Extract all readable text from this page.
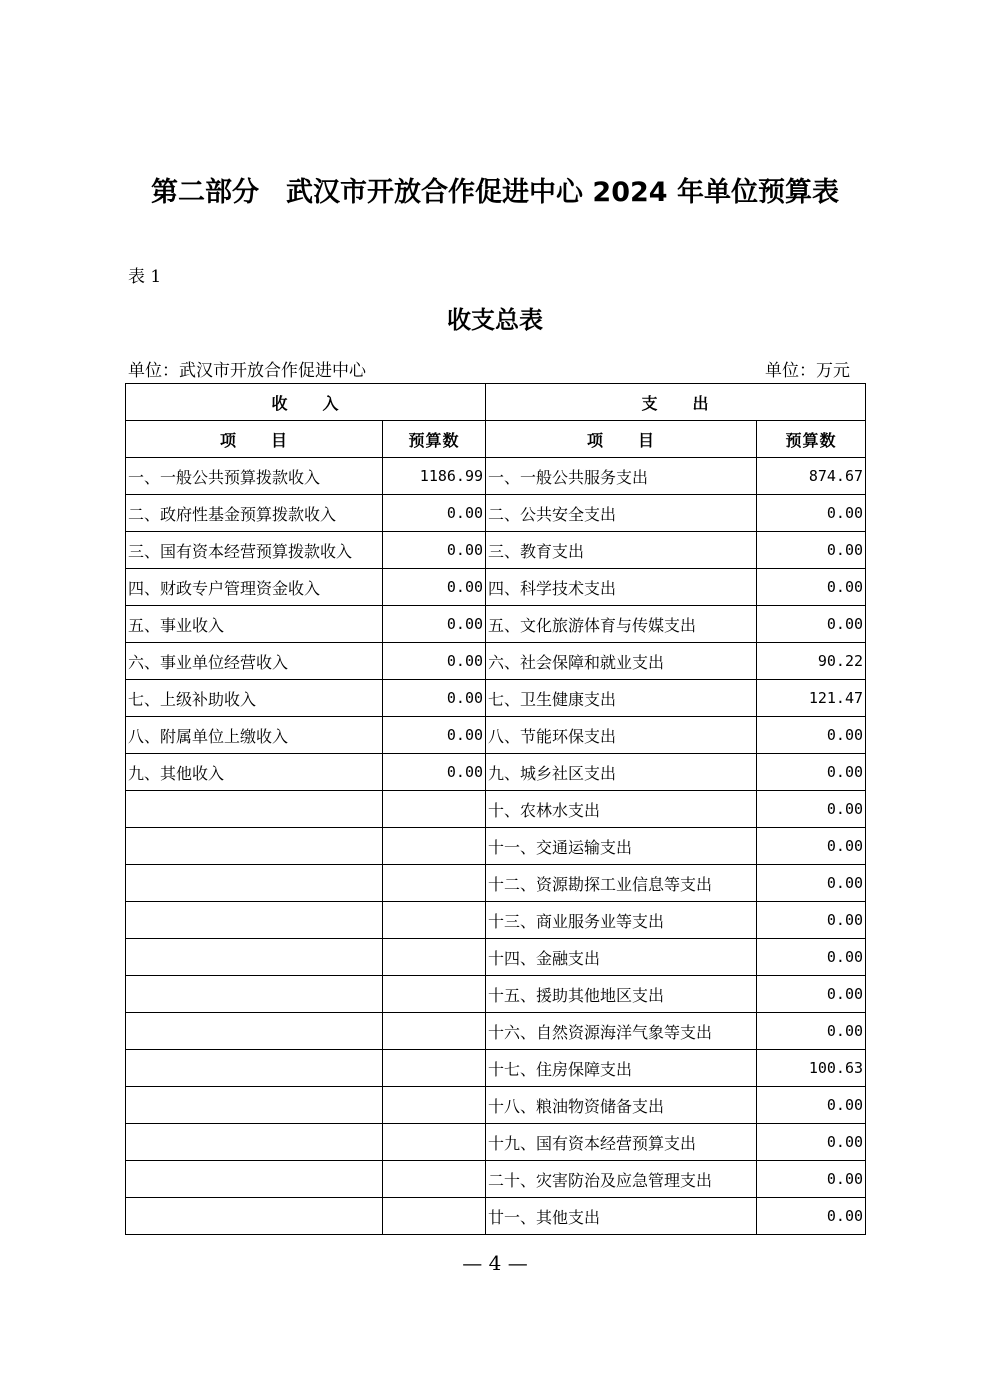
第二部分　武汉市开放合作促进中心 2024 年单位预算表
表 1
收支总表
单位：武汉市开放合作促进中心	单位：万元
收　　入		支　　出	
项　　目	预算数	项　　目	预算数
一、一般公共预算拨款收入	1186.99	一、一般公共服务支出	874.67
二、政府性基金预算拨款收入	0.00	二、公共安全支出	0.00
三、国有资本经营预算拨款收入	0.00	三、教育支出	0.00
四、财政专户管理资金收入	0.00	四、科学技术支出	0.00
五、事业收入	0.00	五、文化旅游体育与传媒支出	0.00
六、事业单位经营收入	0.00	六、社会保障和就业支出	90.22
七、上级补助收入	0.00	七、卫生健康支出	121.47
八、附属单位上缴收入	0.00	八、节能环保支出	0.00
九、其他收入	0.00	九、城乡社区支出	0.00
		十、农林水支出	0.00
		十一、交通运输支出	0.00
		十二、资源勘探工业信息等支出	0.00
		十三、商业服务业等支出	0.00
		十四、金融支出	0.00
		十五、援助其他地区支出	0.00
		十六、自然资源海洋气象等支出	0.00
		十七、住房保障支出	100.63
		十八、粮油物资储备支出	0.00
		十九、国有资本经营预算支出	0.00
		二十、灾害防治及应急管理支出	0.00
		廿一、其他支出	0.00
— 4 —
